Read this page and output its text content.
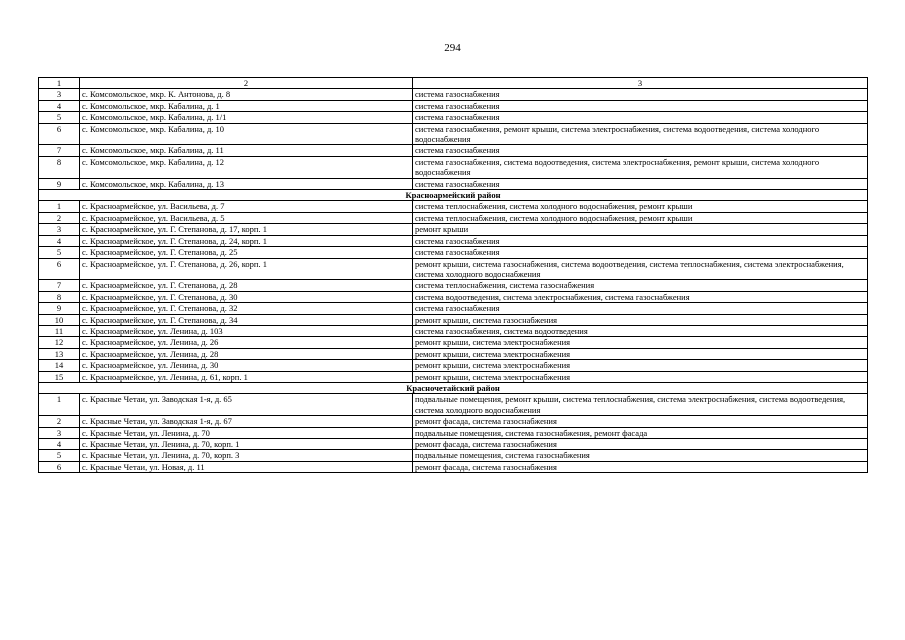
294
1	2	3
3	с. Комсомольское, мкр. К. Антонова, д. 8	система газоснабжения
4	с. Комсомольское, мкр. Кабалина, д. 1	система газоснабжения
5	с. Комсомольское, мкр. Кабалина, д. 1/1	система газоснабжения
6	с. Комсомольское, мкр. Кабалина, д. 10	система газоснабжения, ремонт крыши, система электроснабжения, система водоотведения, система холодного водоснабжения
7	с. Комсомольское, мкр. Кабалина, д. 11	система газоснабжения
8	с. Комсомольское, мкр. Кабалина, д. 12	система газоснабжения, система водоотведения, система электроснабжения, ремонт крыши, система холодного водоснабжения
9	с. Комсомольское, мкр. Кабалина, д. 13	система газоснабжения
Красноармейский район		
1	с. Красноармейское, ул. Васильева, д. 7	система теплоснабжения, система холодного водоснабжения, ремонт крыши
2	с. Красноармейское, ул. Васильева, д. 5	система теплоснабжения, система холодного водоснабжения, ремонт крыши
3	с. Красноармейское, ул. Г. Степанова, д. 17, корп. 1	ремонт крыши
4	с. Красноармейское, ул. Г. Степанова, д. 24, корп. 1	система газоснабжения
5	с. Красноармейское, ул. Г. Степанова, д. 25	система газоснабжения
6	с. Красноармейское, ул. Г. Степанова, д. 26, корп. 1	ремонт крыши, система газоснабжения, система водоотведения, система теплоснабжения, система электроснабжения, система холодного водоснабжения
7	с. Красноармейское, ул. Г. Степанова, д. 28	система теплоснабжения, система газоснабжения
8	с. Красноармейское, ул. Г. Степанова, д. 30	система водоотведения, система электроснабжения, система газоснабжения
9	с. Красноармейское, ул. Г. Степанова, д. 32	система газоснабжения
10	с. Красноармейское, ул. Г. Степанова, д. 34	ремонт крыши, система газоснабжения
11	с. Красноармейское, ул. Ленина, д. 103	система газоснабжения, система водоотведения
12	с. Красноармейское, ул. Ленина, д. 26	ремонт крыши, система электроснабжения
13	с. Красноармейское, ул. Ленина, д. 28	ремонт крыши, система электроснабжения
14	с. Красноармейское, ул. Ленина, д. 30	ремонт крыши, система электроснабжения
15	с. Красноармейское, ул. Ленина, д. 61, корп. 1	ремонт крыши, система электроснабжения
Красночетайский район		
1	с. Красные Четаи, ул. Заводская 1-я, д. 65	подвальные помещения, ремонт крыши, система теплоснабжения, система электроснабжения, система водоотведения, система холодного водоснабжения
2	с. Красные Четаи, ул. Заводская 1-я, д. 67	ремонт фасада, система газоснабжения
3	с. Красные Четаи, ул. Ленина, д. 70	подвальные помещения, система газоснабжения, ремонт фасада
4	с. Красные Четаи, ул. Ленина, д. 70, корп. 1	ремонт фасада, система газоснабжения
5	с. Красные Четаи, ул. Ленина, д. 70, корп. 3	подвальные помещения, система газоснабжения
6	с. Красные Четаи, ул. Новая, д. 11	ремонт фасада, система газоснабжения
